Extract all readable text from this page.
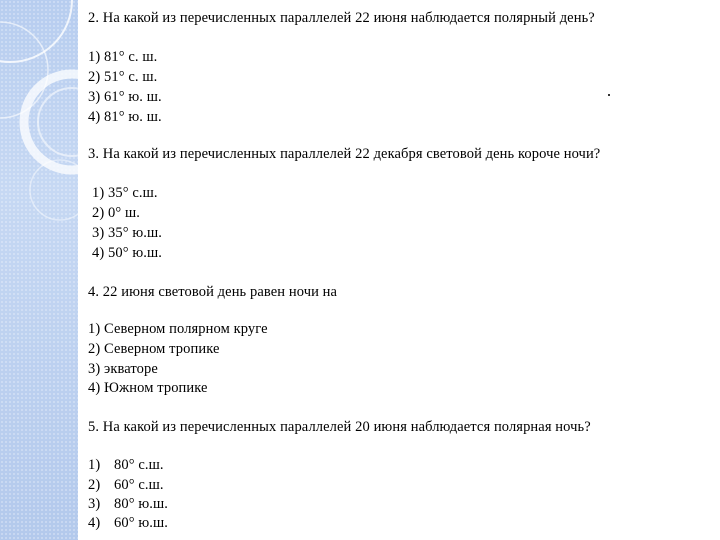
2. На какой из перечисленных параллелей 22 июня наблюдается полярный день?
1) 81° с. ш.
2) 51° с. ш.
3) 61° ю. ш.
4) 81° ю. ш.
3. На какой из перечисленных параллелей 22 декабря световой день короче ночи?
1) 35° с.ш.
2) 0° ш.
3) 35° ю.ш.
4) 50° ю.ш.
4. 22 июня световой день равен ночи на
1) Северном полярном круге
2) Северном тропике
3) экваторе
4) Южном тропике
5. На какой из перечисленных параллелей 20 июня наблюдается полярная ночь?
1) 80° с.ш.
2) 60° с.ш.
3) 80° ю.ш.
4) 60° ю.ш.
